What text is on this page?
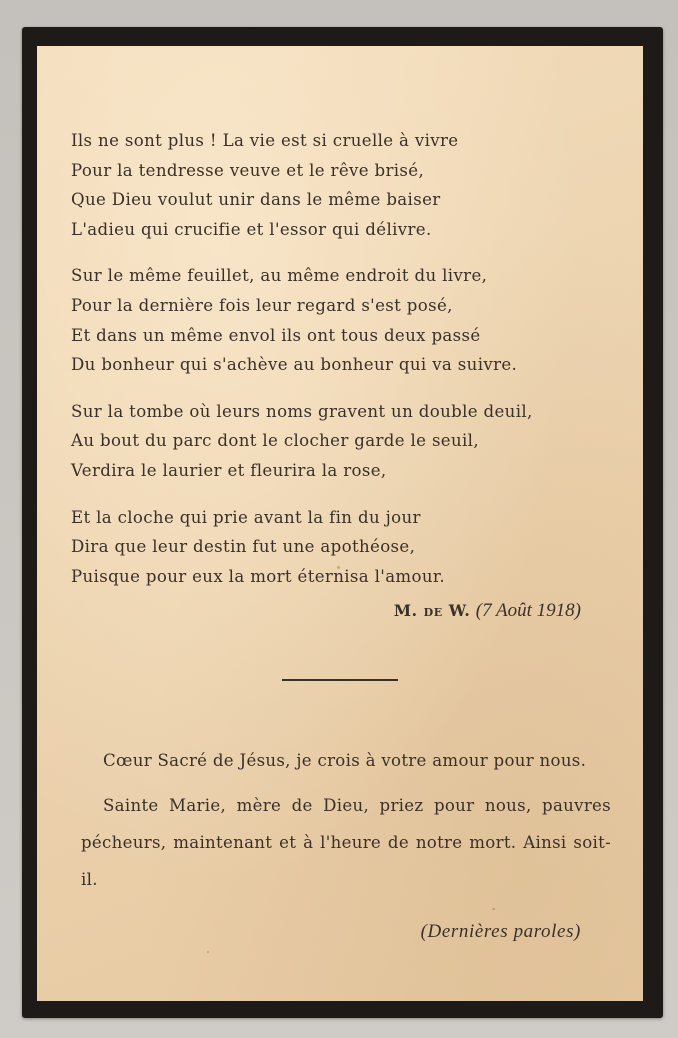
Ils ne sont plus ! La vie est si cruelle à vivre
Pour la tendresse veuve et le rêve brisé,
Que Dieu voulut unir dans le même baiser
L'adieu qui crucifie et l'essor qui délivre.
Sur le même feuillet, au même endroit du livre,
Pour la dernière fois leur regard s'est posé,
Et dans un même envol ils ont tous deux passé
Du bonheur qui s'achève au bonheur qui va suivre.
Sur la tombe où leurs noms gravent un double deuil,
Au bout du parc dont le clocher garde le seuil,
Verdira le laurier et fleurira la rose,
Et la cloche qui prie avant la fin du jour
Dira que leur destin fut une apothéose,
Puisque pour eux la mort éternisa l'amour.
M. de W. (7 Août 1918)

Cœur Sacré de Jésus, je crois à votre amour pour nous.

Sainte Marie, mère de Dieu, priez pour nous, pauvres pécheurs, maintenant et à l'heure de notre mort. Ainsi soit-il.

(Dernières paroles)
